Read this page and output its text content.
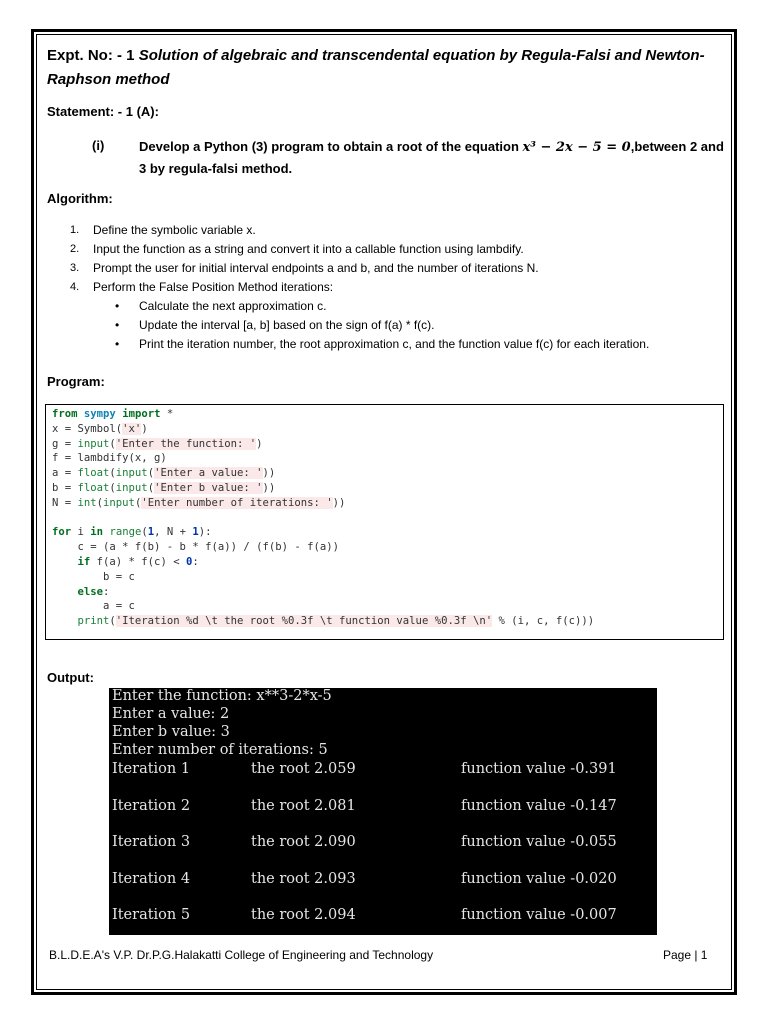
Expt. No: - 1 Solution of algebraic and transcendental equation by Regula-Falsi and Newton-Raphson method
Statement: - 1 (A):
(i)	Develop a Python (3) program to obtain a root of the equation x³ − 2x − 5 = 0,between 2 and 3 by regula-falsi method.
Algorithm:
1.	Define the symbolic variable x.
2.	Input the function as a string and convert it into a callable function using lambdify.
3.	Prompt the user for initial interval endpoints a and b, and the number of iterations N.
4.	Perform the False Position Method iterations:
• Calculate the next approximation c.
• Update the interval [a, b] based on the sign of f(a) * f(c).
• Print the iteration number, the root approximation c, and the function value f(c) for each iteration.
Program:
from sympy import *
x = Symbol('x')
g = input('Enter the function: ')
f = lambdify(x, g)
a = float(input('Enter a value: '))
b = float(input('Enter b value: '))
N = int(input('Enter number of iterations: '))

for i in range(1, N + 1):
c = (a * f(b) - b * f(a)) / (f(b) - f(a))
if f(a) * f(c) < 0:
b = c
else:
a = c
print('Iteration %d \t the root %0.3f \t function value %0.3f \n' % (i, c, f(c)))
Output:
Enter the function: x**3-2*x-5
Enter a value: 2
Enter b value: 3
Enter number of iterations: 5
Iteration 1	the root 2.059	function value -0.391
Iteration 2	the root 2.081	function value -0.147
Iteration 3	the root 2.090	function value -0.055
Iteration 4	the root 2.093	function value -0.020
Iteration 5	the root 2.094	function value -0.007
B.L.D.E.A's V.P. Dr.P.G.Halakatti College of Engineering and Technology	Page | 1
